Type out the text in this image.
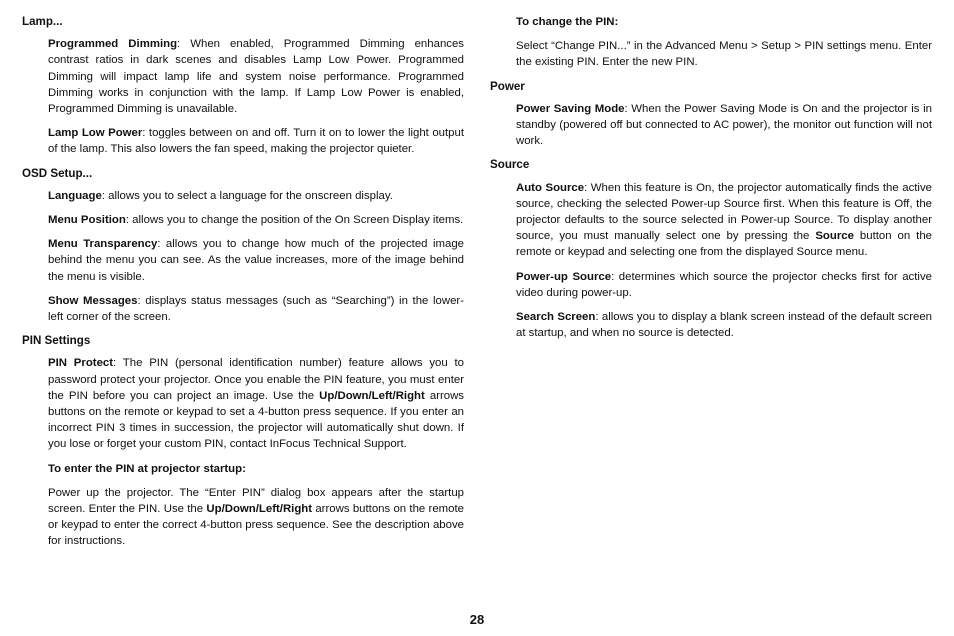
Lamp...

Programmed Dimming: When enabled, Programmed Dimming enhances contrast ratios in dark scenes and disables Lamp Low Power. Programmed Dimming will impact lamp life and system noise performance. Programmed Dimming works in conjunction with the lamp. If Lamp Low Power is enabled, Programmed Dimming is unavailable.

Lamp Low Power: toggles between on and off. Turn it on to lower the light output of the lamp. This also lowers the fan speed, making the projector quieter.

OSD Setup...

Language: allows you to select a language for the onscreen display.

Menu Position: allows you to change the position of the On Screen Display items.

Menu Transparency: allows you to change how much of the projected image behind the menu you can see. As the value increases, more of the image behind the menu is visible.

Show Messages: displays status messages (such as “Searching”) in the lower-left corner of the screen.

PIN Settings

PIN Protect: The PIN (personal identification number) feature allows you to password protect your projector. Once you enable the PIN feature, you must enter the PIN before you can project an image. Use the Up/Down/Left/Right arrows buttons on the remote or keypad to set a 4-button press sequence. If you enter an incorrect PIN 3 times in succession, the projector will automatically shut down. If you lose or forget your custom PIN, contact InFocus Technical Support.

To enter the PIN at projector startup:

Power up the projector. The “Enter PIN” dialog box appears after the startup screen. Enter the PIN. Use the Up/Down/Left/Right arrows buttons on the remote or keypad to enter the correct 4-button press sequence. See the description above for instructions.

To change the PIN:

Select “Change PIN...” in the Advanced Menu > Setup > PIN settings menu. Enter the existing PIN. Enter the new PIN.

Power

Power Saving Mode: When the Power Saving Mode is On and the projector is in standby (powered off but connected to AC power), the monitor out function will not work.

Source

Auto Source: When this feature is On, the projector automatically finds the active source, checking the selected Power-up Source first. When this feature is Off, the projector defaults to the source selected in Power-up Source. To display another source, you must manually select one by pressing the Source button on the remote or keypad and selecting one from the displayed Source menu.

Power-up Source: determines which source the projector checks first for active video during power-up.

Search Screen: allows you to display a blank screen instead of the default screen at startup, and when no source is detected.

28
